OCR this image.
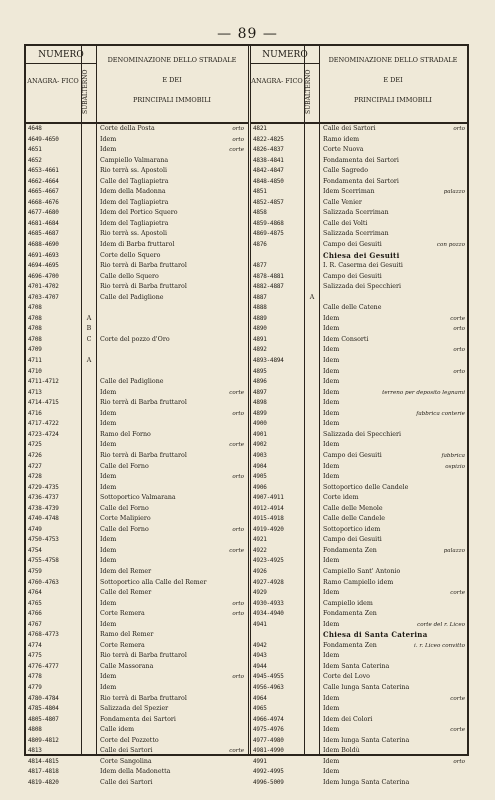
— 89 —
NUMERO
ANAGRA- FICO SUBALTERNO
DENOMINAZIONE DELLO STRADALE
E DEI
PRINCIPALI IMMOBILI
4648	Corte della Posta	orto
4649-4650	Idem	orto
4651	Idem	corte
4652	Campiello Valmarana
4653-4661	Rio terrà ss. Apostoli
4662-4664	Calle del Tagliapietra
4665-4667	Idem della Madonna
4668-4676	Idem del Tagliapietra
4677-4680	Idem del Portico Squero
4681-4684	Idem del Tagliapietra
4685-4687	Rio terrà ss. Apostoli
4688-4690	Idem di Barba fruttarol
4691-4693	Corte dello Squero
4694-4695	Rio terrà di Barba fruttarol
4696-4700	Calle dello Squero
4701-4702	Rio terrà di Barba fruttarol
4703-4707	Calle del Padiglione
4708
4708	A
4708	B
4708	C	Corte del pozzo d'Oro
4709
4711	A
4710
4711-4712	Calle del Padiglione
4713	Idem	corte
4714-4715	Rio terrà di Barba fruttarol
4716	Idem	orto
4717-4722	Idem
4723-4724	Ramo del Forno
4725	Idem	corte
4726	Rio terrà di Barba fruttarol
4727	Calle del Forno
4728	Idem	orto
4729-4735	Idem
4736-4737	Sottoportico Valmarana
4738-4739	Calle del Forno
4740-4748	Corte Malipiero
4749	Calle del Forno	orto
4750-4753	Idem
4754	Idem	corte
4755-4758	Idem
4759	Idem del Remer
4760-4763	Sottoportico alla Calle del Remer
4764	Calle del Remer
4765	Idem	orto
4766	Corte Remera	orto
4767	Idem
4768-4773	Ramo del Remer
4774	Corte Remera
4775	Rio terrà di Barba fruttarol
4776-4777	Calle Massorana
4778	Idem	orto
4779	Idem
4780-4784	Rio terrà di Barba fruttarol
4785-4804	Salizzada del Spezier
4805-4807	Fondamenta dei Sartori
4808	Calle idem
4809-4812	Corte del Pozzetto
4813	Calle dei Sartori	corte
4814-4815	Corte Sangolina
4817-4818	Idem della Madonetta
4819-4820	Calle dei Sartori
NUMERO
ANAGRA- FICO SUBALTERNO
DENOMINAZIONE DELLO STRADALE
E DEI
PRINCIPALI IMMOBILI
4821	Calle dei Sartori	orto
4822-4825	Ramo idem
4826-4837	Corte Nuova
4838-4841	Fondamenta dei Sartori
4842-4847	Calle Sagredo
4848-4850	Fondamenta dei Sartori
4851	Idem Scerriman	palazzo
4852-4857	Calle Venier
4858	Salizzada Scerriman
4859-4868	Calle dei Volti
4869-4875	Salizzada Scerriman
4876	Campo dei Gesuiti	con pozzo
Chiesa dei Gesuiti
4877	I. R. Caserma dei Gesuiti
4878-4881	Campo dei Gesuiti
4882-4887	Salizzada dei Specchieri
4887	A
4888	Calle delle Catene
4889	Idem	corte
4890	Idem	orto
4891	Idem Consorti
4892	Idem	orto
4893-4894	Idem
4895	Idem	orto
4896	Idem
4897	Idem	terreno per deposito legnami
4898	Idem
4899	Idem	fabbrica conterie
4900	Idem
4901	Salizzada dei Specchieri
4902	Idem
4903	Campo dei Gesuiti	fabbrica
4904	Idem	ospizio
4905	Idem
4906	Sottoportico delle Candele
4907-4911	Corte idem
4912-4914	Calle delle Menole
4915-4918	Calle delle Candele
4919-4920	Sottoportico idem
4921	Campo dei Gesuiti
4922	Fondamenta Zen	palazzo
4923-4925	Idem
4926	Campiello Sant' Antonio
4927-4928	Ramo Campiello idem
4929	Idem	corte
4930-4933	Campiello idem
4934-4940	Fondamenta Zen
4941	Idem	corte del r. Liceo
Chiesa di Santa Caterina
4942	Fondamenta Zen	i. r. Liceo convitto
4943	Idem
4944	Idem Santa Caterina
4945-4955	Corte del Lovo
4956-4963	Calle lunga Santa Caterina
4964	Idem	corte
4965	Idem
4966-4974	Idem dei Colori
4975-4976	Idem	corte
4977-4980	Idem lunga Santa Caterina
4981-4990	Idem Boldù
4991	Idem	orto
4992-4995	Idem
4996-5009	Idem lunga Santa Caterina
